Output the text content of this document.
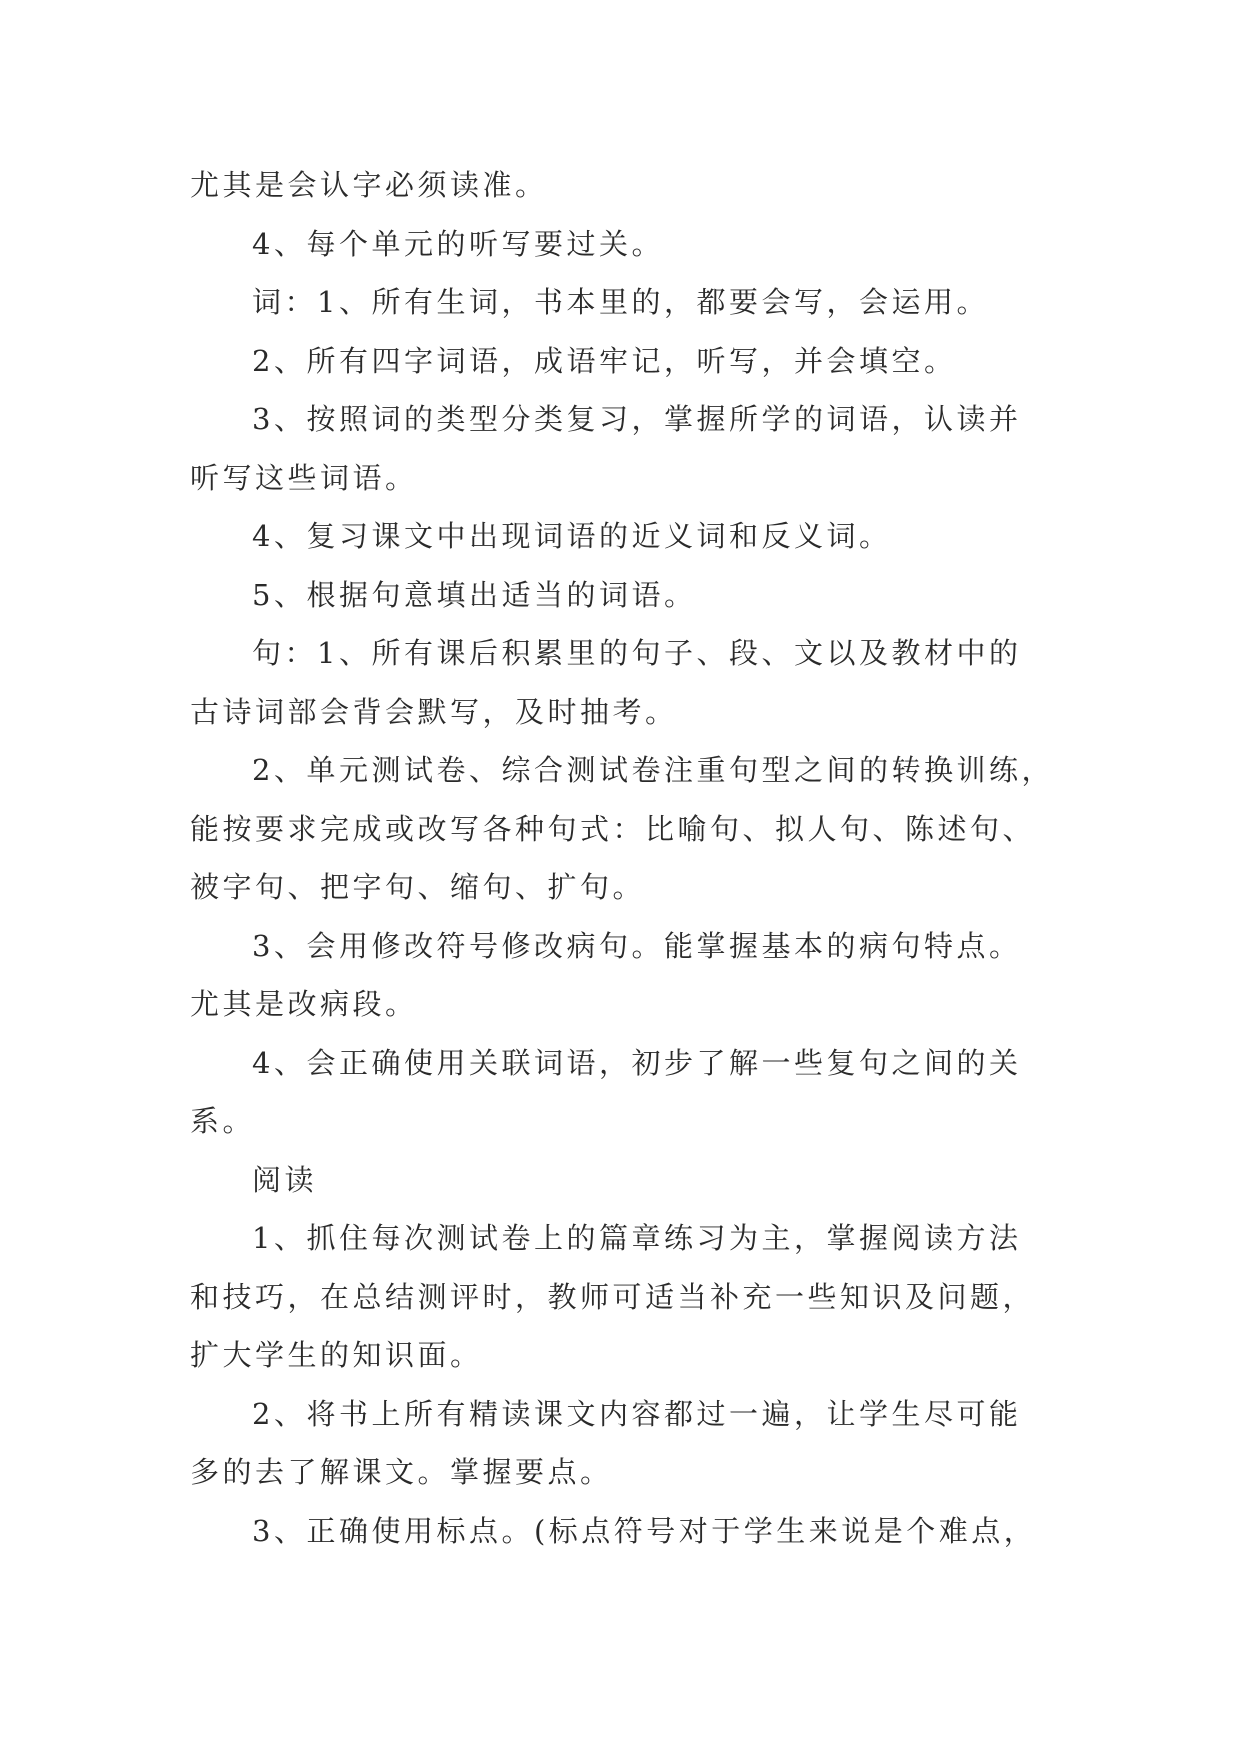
尤其是会认字必须读准。
4、每个单元的听写要过关。
词：1、所有生词，书本里的，都要会写，会运用。
2、所有四字词语，成语牢记，听写，并会填空。
3、按照词的类型分类复习，掌握所学的词语，认读并
听写这些词语。
4、复习课文中出现词语的近义词和反义词。
5、根据句意填出适当的词语。
句：1、所有课后积累里的句子、段、文以及教材中的
古诗词部会背会默写，及时抽考。
2、单元测试卷、综合测试卷注重句型之间的转换训练，
能按要求完成或改写各种句式：比喻句、拟人句、陈述句、
被字句、把字句、缩句、扩句。
3、会用修改符号修改病句。能掌握基本的病句特点。
尤其是改病段。
4、会正确使用关联词语，初步了解一些复句之间的关
系。
阅读
1、抓住每次测试卷上的篇章练习为主，掌握阅读方法
和技巧，在总结测评时，教师可适当补充一些知识及问题，
扩大学生的知识面。
2、将书上所有精读课文内容都过一遍，让学生尽可能
多的去了解课文。掌握要点。
3、正确使用标点。(标点符号对于学生来说是个难点，
